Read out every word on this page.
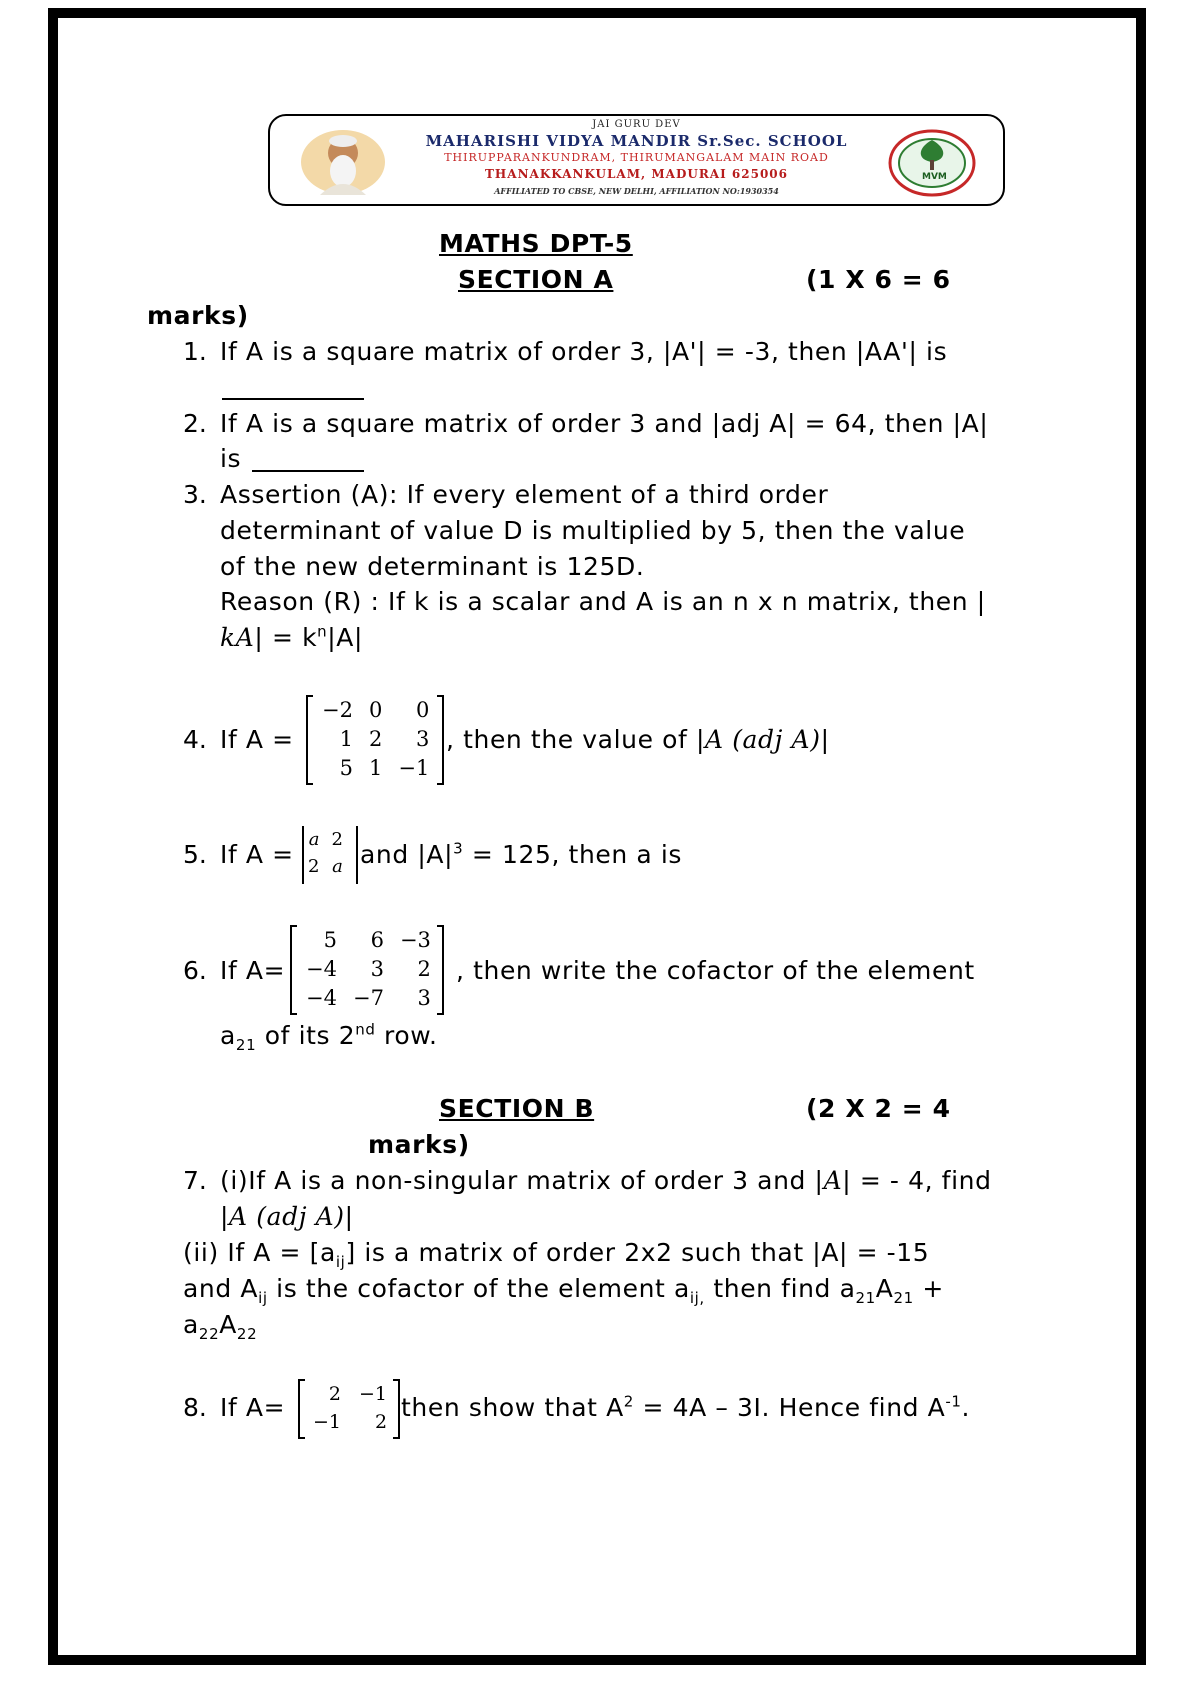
JAI GURU DEV
MAHARISHI VIDYA MANDIR Sr.Sec. SCHOOL
THIRUPPARANKUNDRAM, THIRUMANGALAM MAIN ROAD
THANAKKANKULAM, MADURAI 625006
AFFILIATED TO CBSE, NEW DELHI, AFFILIATION NO:1930354
MVM
MATHS DPT-5
SECTION A	(1 X 6 = 6
marks)
1. If A is a square matrix of order 3, |A'| = -3, then |AA'| is
2. If A is a square matrix of order 3 and |adj A| = 64, then |A|
is
3. Assertion (A): If every element of a third order
determinant of value D is multiplied by 5, then the value
of the new determinant is 125D.
Reason (R) : If k is a scalar and A is an n x n matrix, then |
$kA| = k^n|A|$
4. If A =
−2	0	0
1	2	3
5	1	−1
, then the value of |A (adj A)|
5. If A =
a	2
2	a and $|A|^3 = 125$, then a is
6. If A=
5	6	−3
−4	3	2
−4	−7	3
, then write the cofactor of the element
$a_{21}$ of its 2nd row.
SECTION B	(2 X 2 = 4
marks)
7. (i)If A is a non-singular matrix of order 3 and |A| = - 4, find
|A (adj A)|
(ii) If $A = [a_{ij}]$ is a matrix of order 2x2 such that |A| = -15
and $A_{ij}$ is the cofactor of the element $a_{ij,}$ then find $a_{21}A_{21}$ +
$a_{22}A_{22}$
8. If A= 2	−1
−1	2 then show that $A^2 = 4A - 3I$. Hence find $A^{-1}$.
